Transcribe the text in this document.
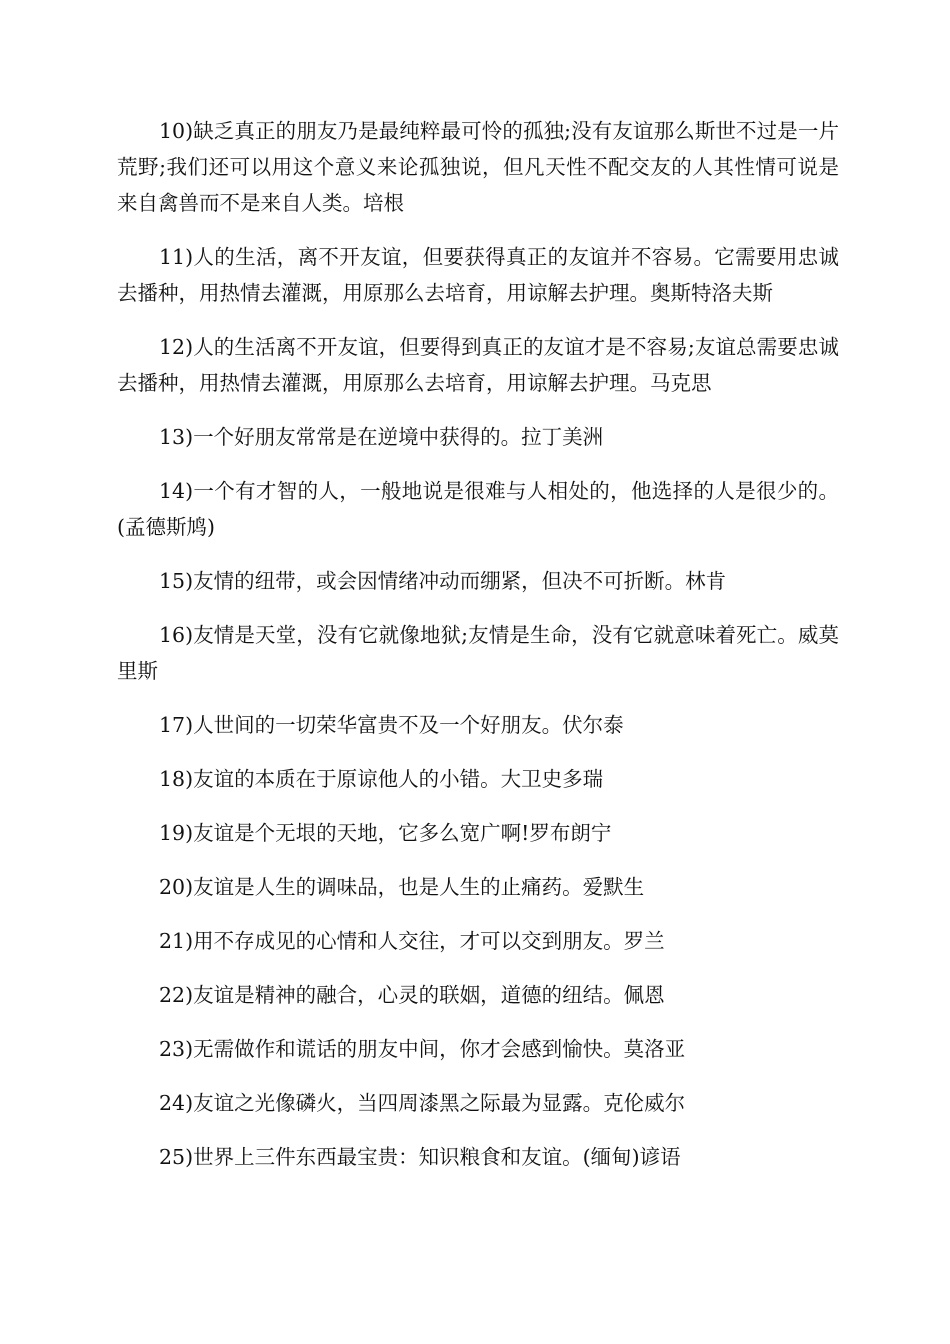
10)缺乏真正的朋友乃是最纯粹最可怜的孤独;没有友谊那么斯世不过是一片荒野;我们还可以用这个意义来论孤独说，但凡天性不配交友的人其性情可说是来自禽兽而不是来自人类。培根

11)人的生活，离不开友谊，但要获得真正的友谊并不容易。它需要用忠诚去播种，用热情去灌溉，用原那么去培育，用谅解去护理。奥斯特洛夫斯

12)人的生活离不开友谊，但要得到真正的友谊才是不容易;友谊总需要忠诚去播种，用热情去灌溉，用原那么去培育，用谅解去护理。马克思

13)一个好朋友常常是在逆境中获得的。拉丁美洲

14)一个有才智的人，一般地说是很难与人相处的，他选择的人是很少的。(孟德斯鸠)

15)友情的纽带，或会因情绪冲动而绷紧，但决不可折断。林肯

16)友情是天堂，没有它就像地狱;友情是生命，没有它就意味着死亡。威莫里斯

17)人世间的一切荣华富贵不及一个好朋友。伏尔泰

18)友谊的本质在于原谅他人的小错。大卫史多瑞

19)友谊是个无垠的天地，它多么宽广啊!罗布朗宁

20)友谊是人生的调味品，也是人生的止痛药。爱默生

21)用不存成见的心情和人交往，才可以交到朋友。罗兰

22)友谊是精神的融合，心灵的联姻，道德的纽结。佩恩

23)无需做作和谎话的朋友中间，你才会感到愉快。莫洛亚

24)友谊之光像磷火，当四周漆黑之际最为显露。克伦威尔

25)世界上三件东西最宝贵：知识粮食和友谊。(缅甸)谚语
